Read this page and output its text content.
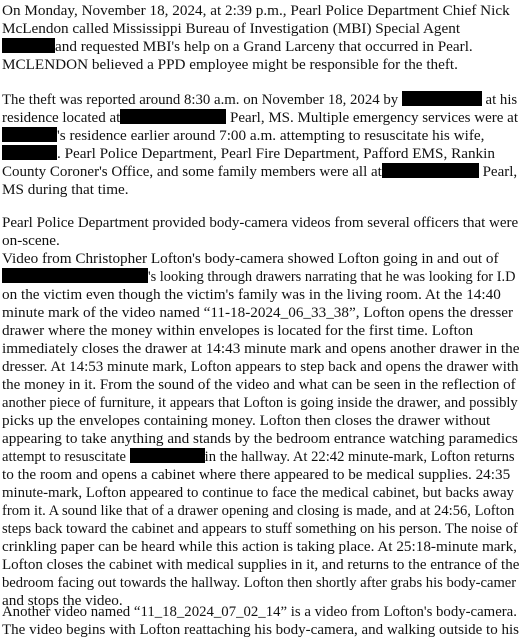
On Monday, November 18, 2024, at 2:39 p.m., Pearl Police Department Chief Nick
McLendon called Mississippi Bureau of Investigation (MBI) Special Agent
and requested MBI's help on a Grand Larceny that occurred in Pearl.
MCLENDON believed a PPD employee might be responsible for the theft.
The theft was reported around 8:30 a.m. on November 18, 2024 by	at his
residence located at	Pearl, MS. Multiple emergency services were at
's residence earlier around 7:00 a.m. attempting to resuscitate his wife,
. Pearl Police Department, Pearl Fire Department, Pafford EMS, Rankin
County Coroner's Office, and some family members were all at	Pearl,
MS during that time.
Pearl Police Department provided body-camera videos from several officers that were
on-scene.
Video from Christopher Lofton's body-camera showed Lofton going in and out of
's looking through drawers narrating that he was looking for I.D
on the victim even though the victim's family was in the living room. At the 14:40
minute mark of the video named “11-18-2024_06_33_38”, Lofton opens the dresser
drawer where the money within envelopes is located for the first time. Lofton
immediately closes the drawer at 14:43 minute mark and opens another drawer in the
dresser. At 14:53 minute mark, Lofton appears to step back and opens the drawer with
the money in it. From the sound of the video and what can be seen in the reflection of
another piece of furniture, it appears that Lofton is going inside the drawer, and possibly
picks up the envelopes containing money. Lofton then closes the drawer without
appearing to take anything and stands by the bedroom entrance watching paramedics
attempt to resuscitate	in the hallway. At 22:42 minute-mark, Lofton returns
to the room and opens a cabinet where there appeared to be medical supplies. 24:35
minute-mark, Lofton appeared to continue to face the medical cabinet, but backs away
from it. A sound like that of a drawer opening and closing is made, and at 24:56, Lofton
steps back toward the cabinet and appears to stuff something on his person. The noise of
crinkling paper can be heard while this action is taking place. At 25:18-minute mark,
Lofton closes the cabinet with medical supplies in it, and returns to the entrance of the
bedroom facing out towards the hallway. Lofton then shortly after grabs his body-camer
and stops the video.
Another video named “11_18_2024_07_02_14” is a video from Lofton's body-camera.
The video begins with Lofton reattaching his body-camera, and walking outside to his
